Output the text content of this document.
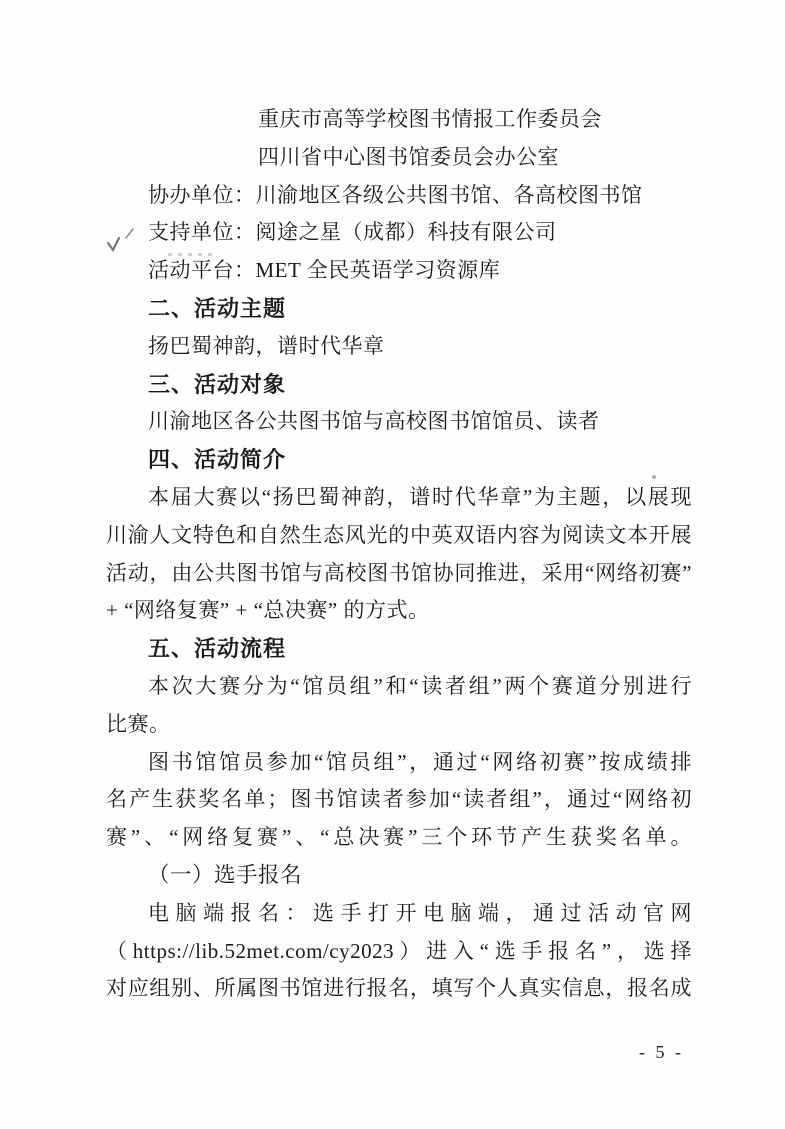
重庆市高等学校图书情报工作委员会

四川省中心图书馆委员会办公室

协办单位：川渝地区各级公共图书馆、各高校图书馆

支持单位：阅途之星（成都）科技有限公司

活动平台：MET 全民英语学习资源库

二、活动主题

扬巴蜀神韵，谱时代华章

三、活动对象

川渝地区各公共图书馆与高校图书馆馆员、读者

四、活动简介

本届大赛以“扬巴蜀神韵，谱时代华章”为主题，以展现

川渝人文特色和自然生态风光的中英双语内容为阅读文本开展

活动，由公共图书馆与高校图书馆协同推进，采用“网络初赛”

+ “网络复赛” + “总决赛” 的方式。

五、活动流程

本次大赛分为“馆员组”和“读者组”两个赛道分别进行

比赛。

图书馆馆员参加“馆员组”，通过“网络初赛”按成绩排

名产生获奖名单；图书馆读者参加“读者组”，通过“网络初

赛”、“网络复赛”、“总决赛”三个环节产生获奖名单。

（一）选手报名

电脑端报名：选手打开电脑端，通过活动官网

（https://lib.52met.com/cy2023）进入“选手报名”，选择

对应组别、所属图书馆进行报名，填写个人真实信息，报名成

- 5 -
